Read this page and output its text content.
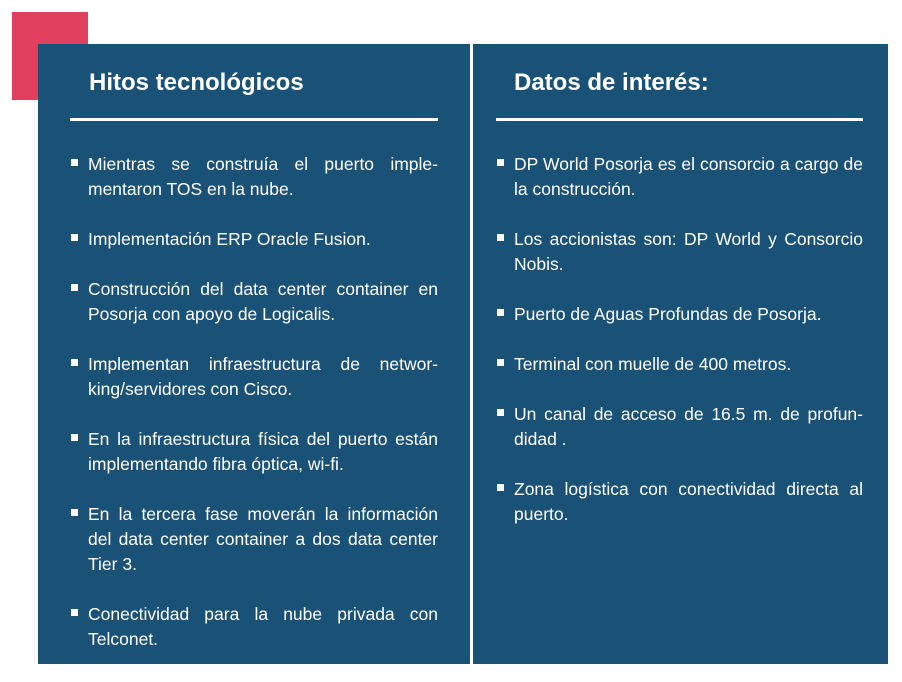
Hitos tecnológicos
Mientras se construía el puerto implementaron TOS en la nube.
Implementación ERP Oracle Fusion.
Construcción del data center container en Posorja con apoyo de Logicalis.
Implementan infraestructura de networking/servidores con Cisco.
En la infraestructura física del puerto están implementando fibra óptica, wi-fi.
En la tercera fase moverán la información del data center container a dos data center Tier 3.
Conectividad para la nube privada con Telconet.
Datos de interés:
DP World Posorja es el consorcio a cargo de la construcción.
Los accionistas son: DP World y Consorcio Nobis.
Puerto de Aguas Profundas de Posorja.
Terminal con muelle de 400 metros.
Un canal de acceso de 16.5 m. de profundidad .
Zona logística con conectividad directa al puerto.
